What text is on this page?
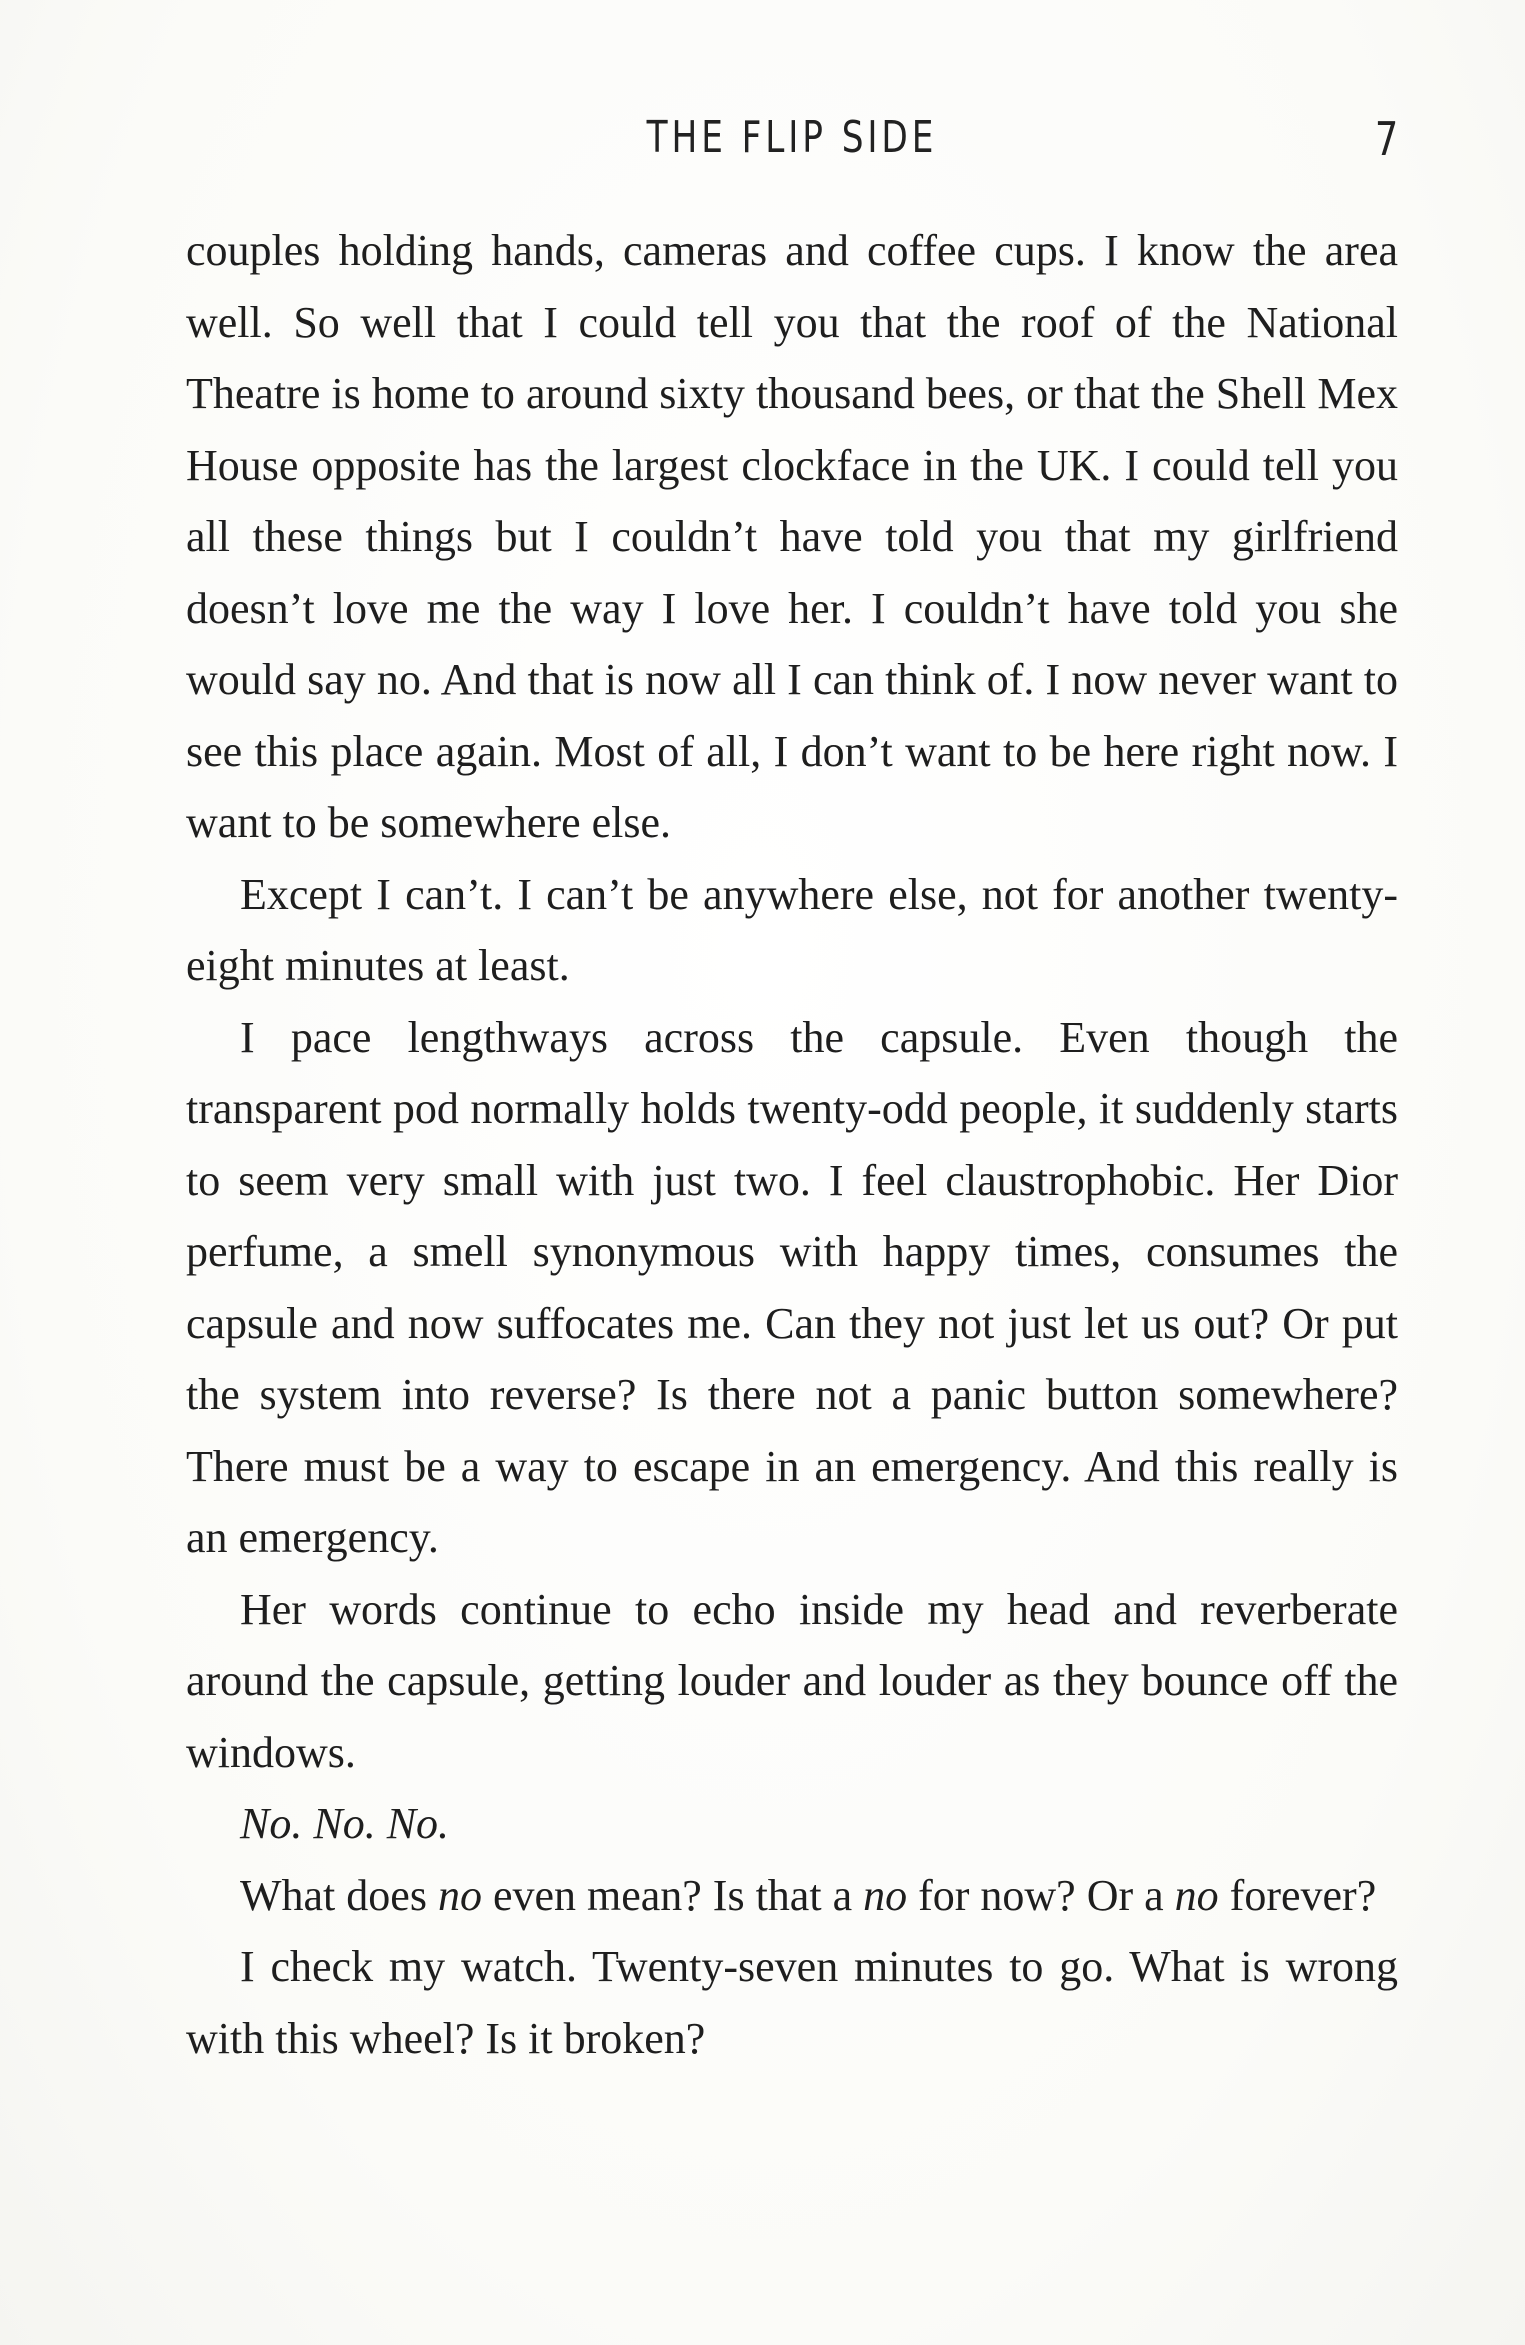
THE FLIP SIDE	7

couples holding hands, cameras and coffee cups. I know the area well. So well that I could tell you that the roof of the National Theatre is home to around sixty thousand bees, or that the Shell Mex House opposite has the largest clockface in the UK. I could tell you all these things but I couldn’t have told you that my girlfriend doesn’t love me the way I love her. I couldn’t have told you she would say no. And that is now all I can think of. I now never want to see this place again. Most of all, I don’t want to be here right now. I want to be somewhere else.

Except I can’t. I can’t be anywhere else, not for another twenty-eight minutes at least.

I pace lengthways across the capsule. Even though the transparent pod normally holds twenty-odd people, it suddenly starts to seem very small with just two. I feel claustrophobic. Her Dior perfume, a smell synonymous with happy times, consumes the capsule and now suffocates me. Can they not just let us out? Or put the system into reverse? Is there not a panic button somewhere? There must be a way to escape in an emergency. And this really is an emergency.

Her words continue to echo inside my head and reverberate around the capsule, getting louder and louder as they bounce off the windows.

No. No. No.

What does no even mean? Is that a no for now? Or a no forever?

I check my watch. Twenty-seven minutes to go. What is wrong with this wheel? Is it broken?
